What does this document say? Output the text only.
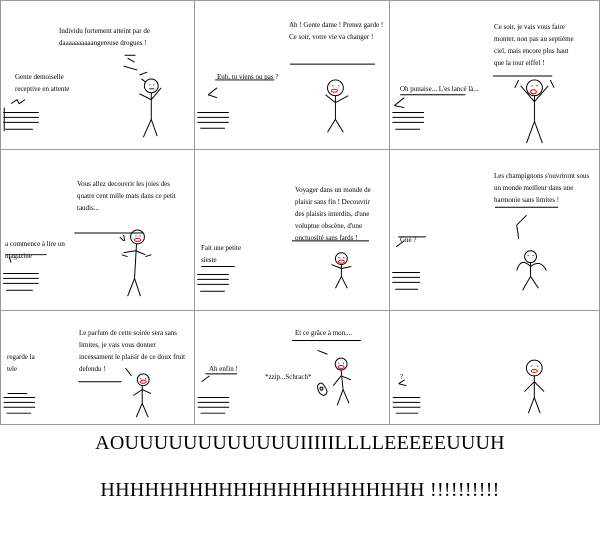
Individu fortement atteint par de daaaaaaaaaangereuse drogues !
Gente demoiselle receptive en attente
Euh, tu viens ou pas ?
Ah ! Gente dame ! Prenez garde ! Ce soir, votre vie va changer !
Oh punaise... L'es lancé là...
Ce soir, je vais vous faire monter, non pas au septième ciel, mais encore plus haut que la tour eiffel !
Vous allez decouvrir les joies des quatre cent mille mats dans ce petit taudis...
a commence à lire un magazine
Fait une petite sieste
Voyager dans un monde de plaisir sans fin ! Decouvrir des plaisirs interdits, d'une voluptue obscène, d'une onctuosité sans fards !	Gné ?
Les champignons s'ouvriront sous un monde meilleur dans une harmonie sans limites !
regarde la tele
Le parfum de cette soirée sera sans limites, je vais vous donner incessament le plaisir de ce doux fruit defendu !
Et ce grâce à mon....
Ah enfin !
*zzip...Schrach*	?
AOUUUUUUUUUUUUIIIIILLLLEEEEEUUUH
HHHHHHHHHHHHHHHHHHHHHH !!!!!!!!!!
